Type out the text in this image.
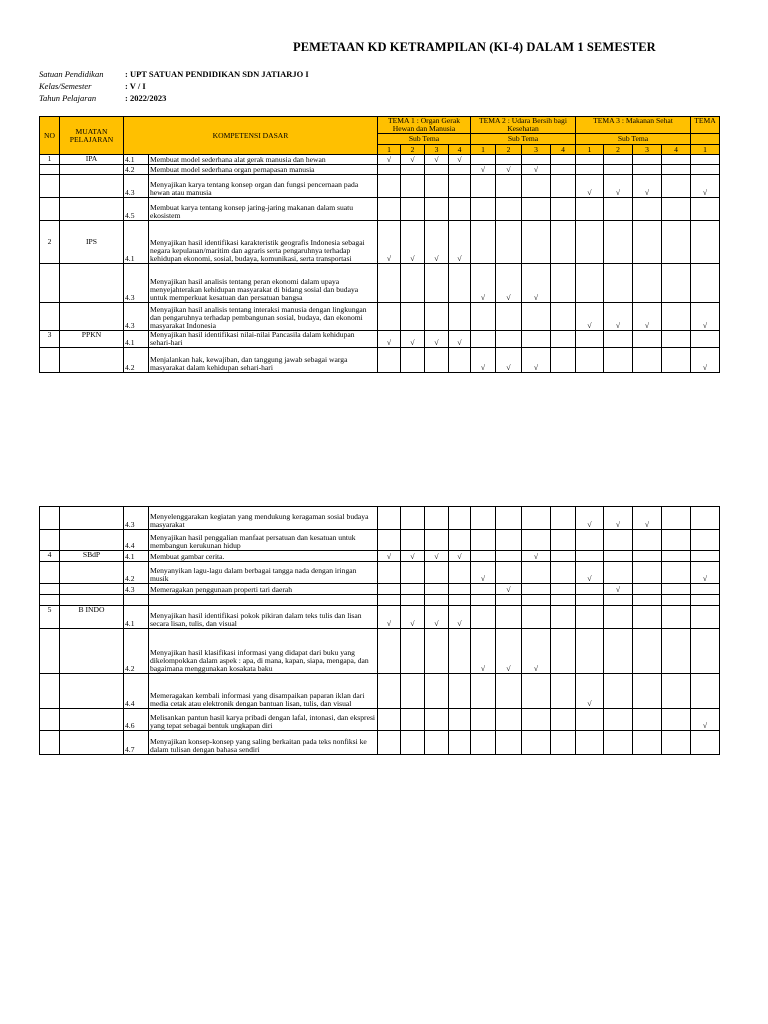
PEMETAAN KD KETRAMPILAN (KI-4) DALAM 1 SEMESTER
Satuan Pendidikan	: UPT SATUAN PENDIDIKAN SDN JATIARJO I
Kelas/Semester	: V / I
Tahun Pelajaran	: 2022/2023
NO	MUATAN PELAJARAN	KOMPETENSI DASAR		TEMA 1 : Organ Gerak Hewan dan Manusia				TEMA 2 : Udara Bersih bagi Kesehatan				TEMA 3 : Makanan Sehat				TEMA
				Sub Tema				Sub Tema				Sub Tema				
				1	2	3	4	1	2	3	4	1	2	3	4	1
1	IPA	4.1	Membuat model sederhana alat gerak manusia dan hewan	√	√	√	√									
		4.2	Membuat model sederhana organ pernapasan manusia					√	√	√						
		4.3	Menyajikan karya tentang konsep organ dan fungsi pencernaan pada hewan atau manusia									√	√	√		√
		4.5	Membuat karya tentang konsep jaring-jaring makanan dalam suatu ekosistem													
2	IPS	4.1	Menyajikan hasil identifikasi karakteristik geografis Indonesia sebagai negara kepulauan/maritim dan agraris serta pengaruhnya terhadap kehidupan ekonomi, sosial, budaya, komunikasi, serta transportasi	√	√	√	√									
		4.3	Menyajikan hasil analisis tentang peran ekonomi dalam upaya menyejahterakan kehidupan masyarakat di bidang sosial dan budaya untuk memperkuat kesatuan dan persatuan bangsa					√	√	√						
		4.3	Menyajikan hasil analisis tentang interaksi manusia dengan lingkungan dan pengaruhnya terhadap pembangunan sosial, budaya, dan ekonomi masyarakat Indonesia									√	√	√		√
3	PPKN	4.1	Menyajikan hasil identifikasi nilai-nilai Pancasila dalam kehidupan sehari-hari	√	√	√	√									
		4.2	Menjalankan hak, kewajiban, dan tanggung jawab sebagai warga masyarakat dalam kehidupan sehari-hari					√	√	√						√
		4.3	Menyelenggarakan kegiatan yang mendukung keragaman sosial budaya masyarakat									√	√	√		
		4.4	Menyajikan hasil penggalian manfaat persatuan dan kesatuan untuk membangun kerukunan hidup													
4	SBdP	4.1	Membuat gambar cerita.	√	√	√	√			√						
		4.2	Menyanyikan lagu-lagu dalam berbagai tangga nada dengan iringan musik					√				√				√
		4.3	Memeragakan penggunaan properti tari daerah						√				√			

5	B INDO	4.1	Menyajikan hasil identifikasi pokok pikiran dalam teks tulis dan lisan secara lisan, tulis, dan visual	√	√	√	√									
		4.2	Menyajikan hasil klasifikasi informasi yang didapat dari buku yang dikelompokkan dalam aspek : apa, di mana, kapan, siapa, mengapa, dan bagaimana menggunakan kosakata baku					√	√	√						
		4.4	Memeragakan kembali informasi yang disampaikan paparan iklan dari media cetak atau elektronik dengan bantuan lisan, tulis, dan visual									√				
		4.6	Melisankan pantun hasil karya pribadi dengan lafal, intonasi, dan ekspresi yang tepat sebagai bentuk ungkapan diri													√
		4.7	Menyajikan konsep-konsep yang saling berkaitan pada teks nonfiksi ke dalam tulisan dengan bahasa sendiri													
